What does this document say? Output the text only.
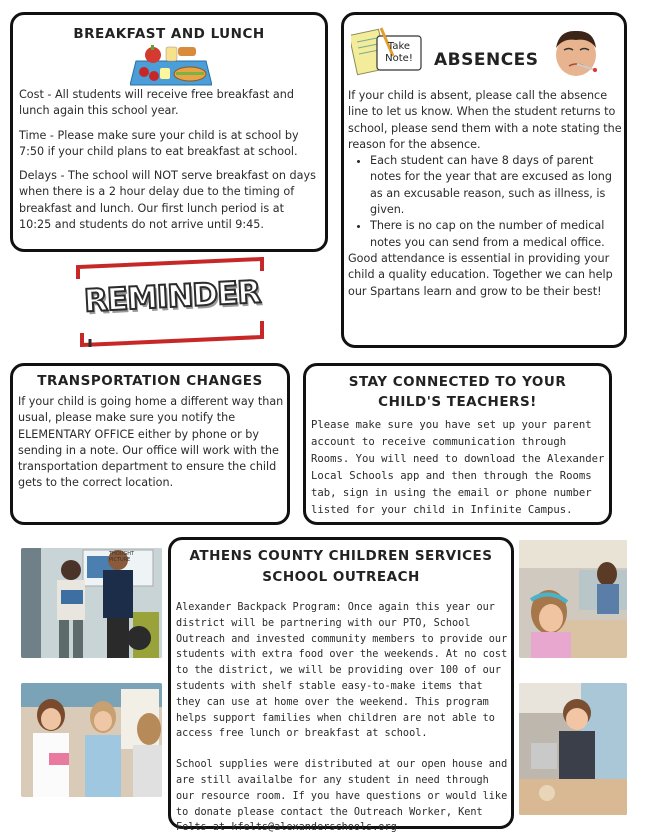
BREAKFAST AND LUNCH

Cost - All students will receive free breakfast and lunch again this school year.

Time - Please make sure your child is at school by 7:50 if your child plans to eat breakfast at school.

Delays - The school will NOT serve breakfast on days when there is a 2 hour delay due to the timing of breakfast and lunch. Our first lunch period is at 10:25 and students do not arrive until 9:45.

Take Note!	ABSENCES

If your child is absent, please call the absence line to let us know. When the student returns to school, please send them with a note stating the reason for the absence.

• Each student can have 8 days of parent notes for the year that are excused as long as an excusable reason, such as illness, is given.
• There is no cap on the number of medical notes you can send from a medical office.

Good attendance is essential in providing your child a quality education. Together we can help our Spartans learn and grow to be their best!

REMINDER
TRANSPORTATION CHANGES

If your child is going home a different way than usual, please make sure you notify the ELEMENTARY OFFICE either by phone or by sending in a note. Our office will work with the transportation department to ensure the child gets to the correct location.

STAY CONNECTED TO YOUR CHILD'S TEACHERS!

Please make sure you have set up your parent account to receive communication through Rooms. You will need to download the Alexander Local Schools app and then through the Rooms tab, sign in using the email or phone number listed for your child in Infinite Campus.

ATHENS COUNTY CHILDREN SERVICES
SCHOOL OUTREACH

Alexander Backpack Program: Once again this year our district will be partnering with our PTO, School Outreach and invested community members to provide our students with extra food over the weekends. At no cost to the district, we will be providing over 100 of our students with shelf stable easy-to-make items that they can use at home over the weekend. This program helps support families when children are not able to access free lunch or breakfast at school.

School supplies were distributed at our open house and are still availalbe for any student in need through our resource room. If you have questions or would like to donate please contact the Outreach Worker, Kent Felts at kfelts@alexanderschools.org

THOUGHT
PICTURE
